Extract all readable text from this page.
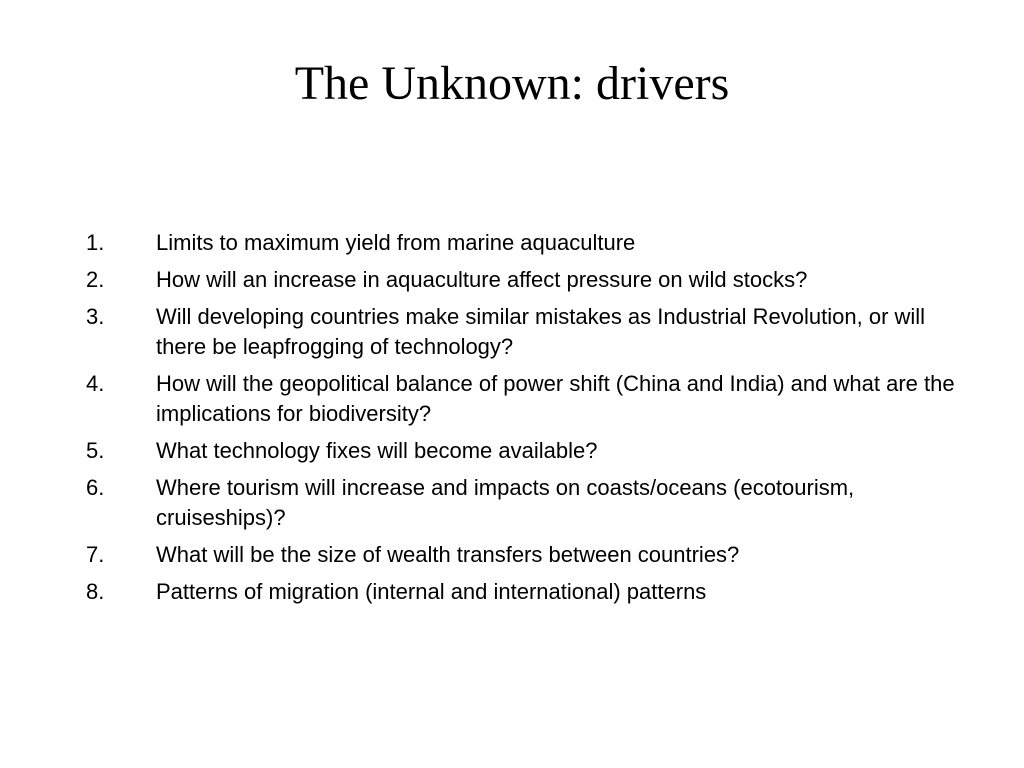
The Unknown: drivers
1.	Limits to maximum yield from marine aquaculture
2.	How will an increase in aquaculture affect pressure on wild stocks?
3.	Will developing countries make similar mistakes as Industrial Revolution, or will there be leapfrogging of technology?
4.	How will the geopolitical balance of power shift (China and India) and what are the implications for biodiversity?
5.	What technology fixes will become available?
6.	Where tourism will increase and impacts on coasts/oceans (ecotourism, cruiseships)?
7.	What will be the size of wealth transfers between countries?
8.	Patterns of migration (internal and international) patterns
